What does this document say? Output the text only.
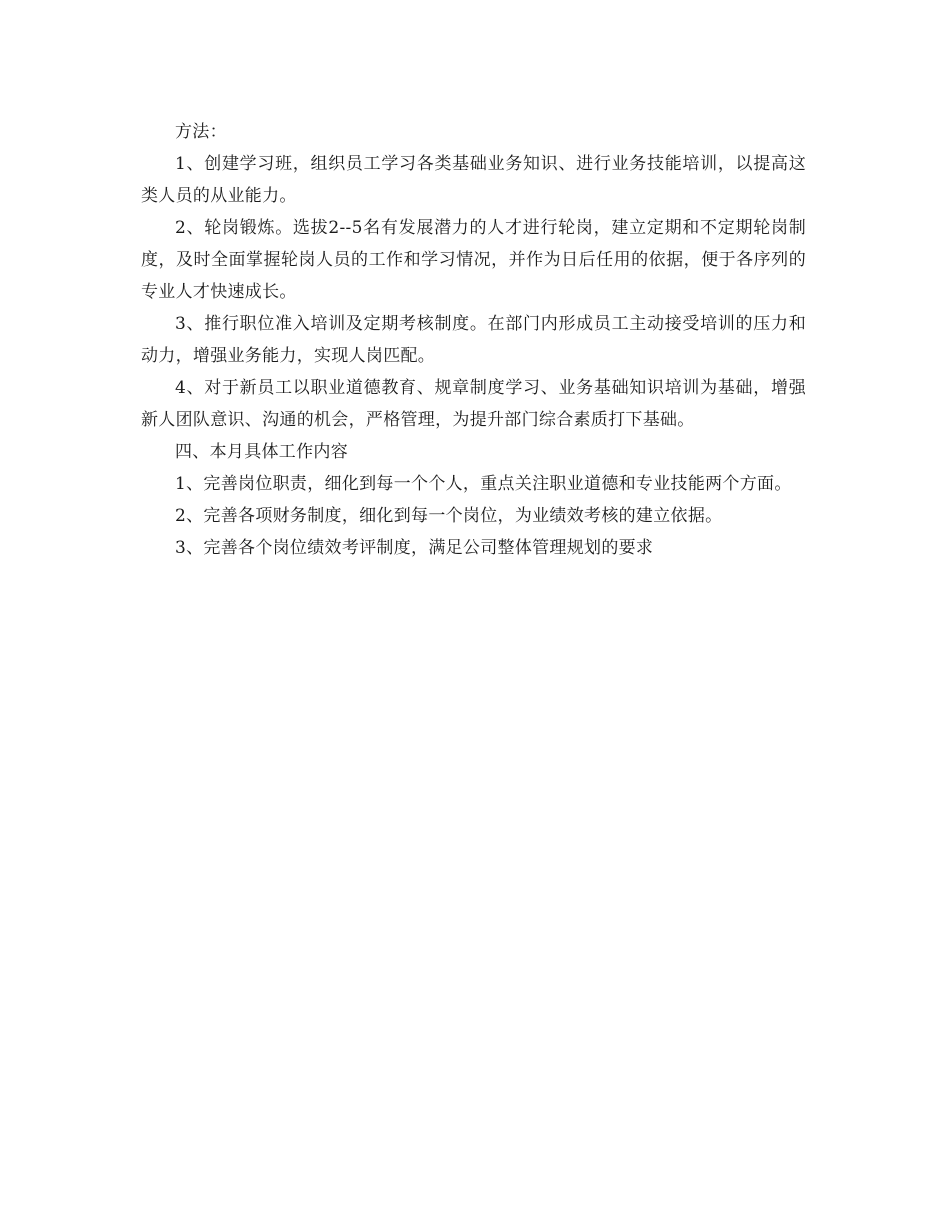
方法：

1、创建学习班，组织员工学习各类基础业务知识、进行业务技能培训，以提高这类人员的从业能力。

2、轮岗锻炼。选拔2--5名有发展潜力的人才进行轮岗，建立定期和不定期轮岗制度，及时全面掌握轮岗人员的工作和学习情况，并作为日后任用的依据，便于各序列的专业人才快速成长。

3、推行职位准入培训及定期考核制度。在部门内形成员工主动接受培训的压力和动力，增强业务能力，实现人岗匹配。

4、对于新员工以职业道德教育、规章制度学习、业务基础知识培训为基础，增强新人团队意识、沟通的机会，严格管理，为提升部门综合素质打下基础。

四、本月具体工作内容

1、完善岗位职责，细化到每一个个人，重点关注职业道德和专业技能两个方面。

2、完善各项财务制度，细化到每一个岗位，为业绩效考核的建立依据。

3、完善各个岗位绩效考评制度，满足公司整体管理规划的要求
